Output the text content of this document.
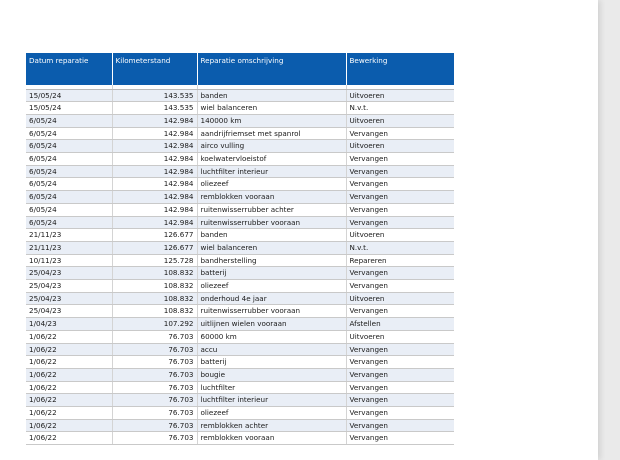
Datum reparatie	Kilometerstand	Reparatie omschrijving	Bewerking

15/05/24	143.535	banden	Uitvoeren
15/05/24	143.535	wiel balanceren	N.v.t.
6/05/24	142.984	140000 km	Uitvoeren
6/05/24	142.984	aandrijfriemset met spanrol	Vervangen
6/05/24	142.984	airco vulling	Uitvoeren
6/05/24	142.984	koelwatervloeistof	Vervangen
6/05/24	142.984	luchtfilter interieur	Vervangen
6/05/24	142.984	oliezeef	Vervangen
6/05/24	142.984	remblokken vooraan	Vervangen
6/05/24	142.984	ruitenwisserrubber achter	Vervangen
6/05/24	142.984	ruitenwisserrubber vooraan	Vervangen
21/11/23	126.677	banden	Uitvoeren
21/11/23	126.677	wiel balanceren	N.v.t.
10/11/23	125.728	bandherstelling	Repareren
25/04/23	108.832	batterij	Vervangen
25/04/23	108.832	oliezeef	Vervangen
25/04/23	108.832	onderhoud 4e jaar	Uitvoeren
25/04/23	108.832	ruitenwisserrubber vooraan	Vervangen
1/04/23	107.292	uitlijnen wielen vooraan	Afstellen
1/06/22	76.703	60000 km	Uitvoeren
1/06/22	76.703	accu	Vervangen
1/06/22	76.703	batterij	Vervangen
1/06/22	76.703	bougie	Vervangen
1/06/22	76.703	luchtfilter	Vervangen
1/06/22	76.703	luchtfilter interieur	Vervangen
1/06/22	76.703	oliezeef	Vervangen
1/06/22	76.703	remblokken achter	Vervangen
1/06/22	76.703	remblokken vooraan	Vervangen
